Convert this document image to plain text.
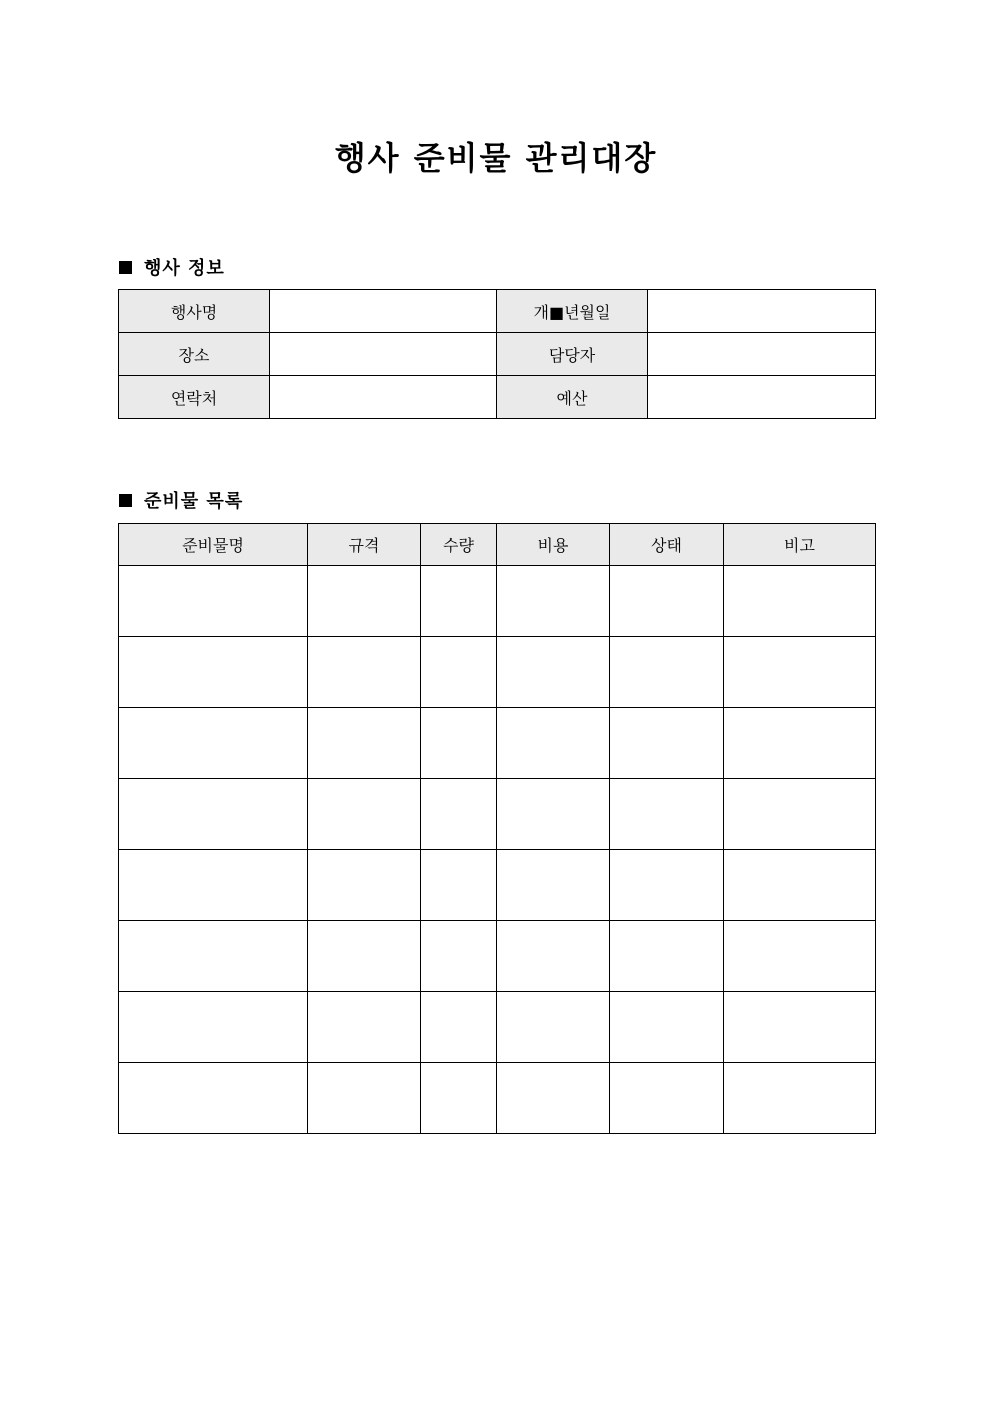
행사 준비물 관리대장
행사 정보
행사명		개■년월일	
장소		담당자	
연락처		예산	
준비물 목록
준비물명	규격	수량	비용	상태	비고
